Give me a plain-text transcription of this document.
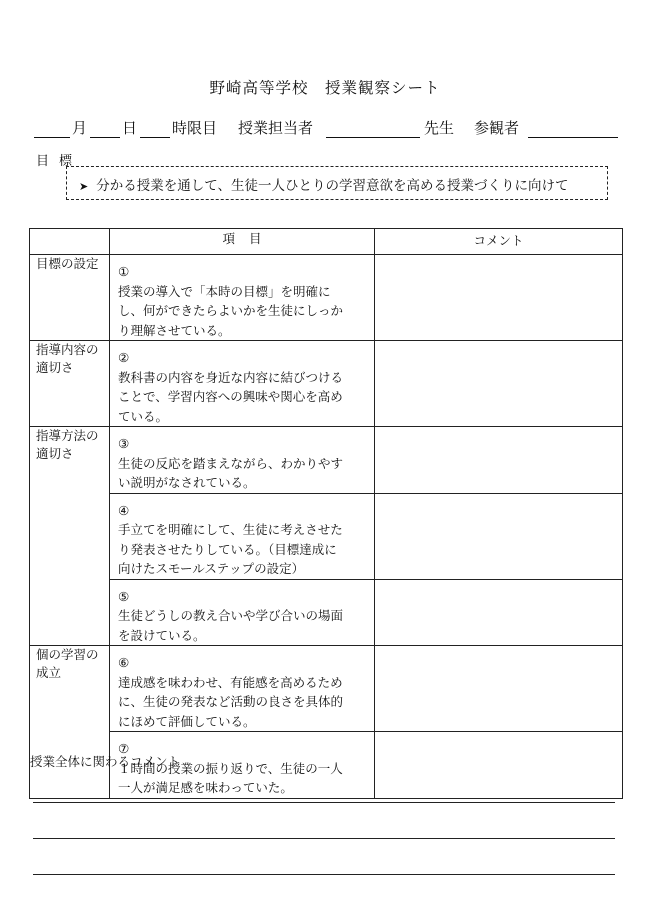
野崎高等学校　授業観察シート
月 日 時限目 授業担当者	先生 参観者
目標
➤ 分かる授業を通して、生徒一人ひとりの学習意欲を高める授業づくりに向けて
	項目	コメント
目標の設定	①授業の導入で「本時の目標」を明確にし、何ができたらよいかを生徒にしっかり理解させている。	
指導内容の適切さ	②教科書の内容を身近な内容に結びつけることで、学習内容への興味や関心を高めている。	
指導方法の適切さ	③生徒の反応を踏まえながら、わかりやすい説明がなされている。	
	④手立てを明確にして、生徒に考えさせたり発表させたりしている。（目標達成に向けたスモールステップの設定）	
	⑤生徒どうしの教え合いや学び合いの場面を設けている。	
個の学習の成立	⑥達成感を味わわせ、有能感を高めるために、生徒の発表など活動の良さを具体的にほめて評価している。	
	⑦１時間の授業の振り返りで、生徒の一人一人が満足感を味わっていた。	
授業全体に関わるコメント
